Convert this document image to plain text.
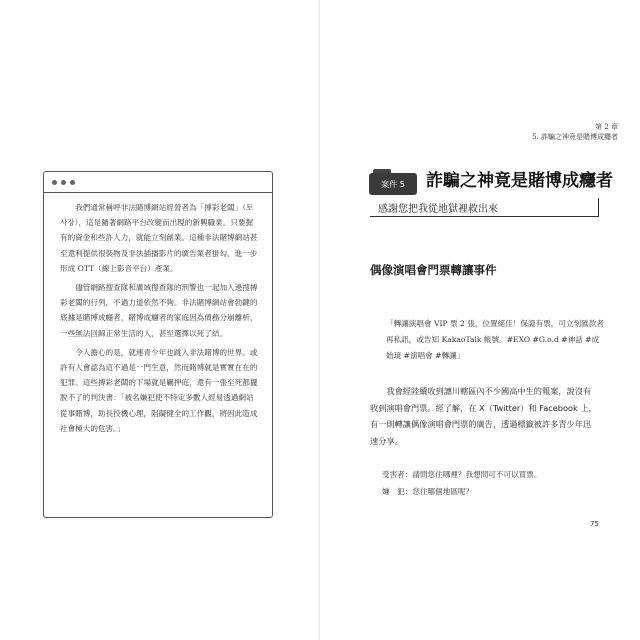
我們通常稱呼非法賭博網站經營者為「搏彩老闆」（토사장），這是隨著網路平台改變而出現的新興職業。只要握有的資金和些許人力，就能立刻創業。這種非法賭博網站甚至還利提供很裝物及非法插播影片的廣告業者掛勾，進一步形成 OTT（線上影音平台）產業。

儘管網路搜查隊和廣域搜查隊的刑警也一起加入遶搜搏彩老闆的行列，不過力道依然不夠。非法賭博網站會勃鍵的底據是賭博成癮者，賭博成癮者的家庭因為債務分崩離析，一些無法回歸正常生活的人，甚至選擇以死了結。

令人擔心的是，就連青少年也跳入非法賭博的世界。或許有人會認為這不過是一門生意，然而賭博就是實實在在的犯罪。這些搏彩老闆的下場就是羈押庭，還有一張至死都擺脫不了的判決書：「被名嫌犯使不特定多數人經易透過網站從事賭博，助長投機心理，阻礙健全的工作觀，將因此造成社會極大的危害。」

第 2 章
5. 詐騙之神竟是賭博成癮者
案件 5	詐騙之神竟是賭博成癮者
感謝您把我從地獄裡救出來
偶像演唱會門票轉讓事件
「轉讓演唱會 VIP 票 2 張，位置絕佳！保證有票，可立刻匯款者再私訊，或告知 KakaoTalk 帳號。#EXO #G.o.d #神話 #成始璄 #演唱會 #轉讓」
我會經陸續收到譓川轄區內不少國高中生的報案，說沒有收到演唱會門票。經了解，在 X（Twitter）和 Facebook 上，有一則轉讓偶像演唱會門票的廣告，透過標籤被許多青少年迅速分享。
受害者：請問您住哪裡？我想問可不可以買票。
嫌　犯：您住哪個地區呢？
75
